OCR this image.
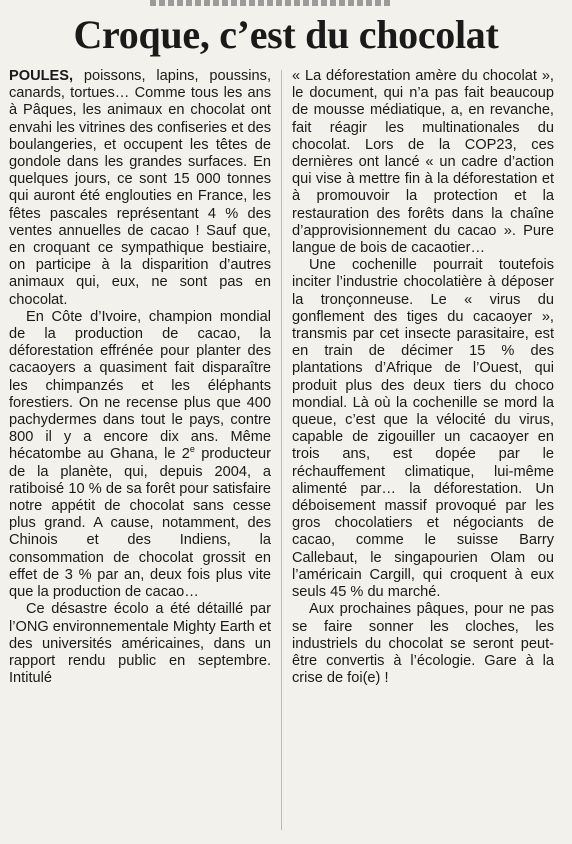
Croque, c’est du chocolat

POULES, poissons, lapins, poussins, canards, tortues… Comme tous les ans à Pâques, les animaux en chocolat ont envahi les vitrines des confiseries et des boulangeries, et occupent les têtes de gondole dans les grandes surfaces. En quelques jours, ce sont 15 000 tonnes qui auront été englouties en France, les fêtes pascales représentant 4 % des ventes annuelles de cacao ! Sauf que, en croquant ce sympathique bestiaire, on participe à la disparition d’autres animaux qui, eux, ne sont pas en chocolat.

En Côte d’Ivoire, champion mondial de la production de cacao, la déforestation effrénée pour planter des cacaoyers a quasiment fait disparaître les chimpanzés et les éléphants forestiers. On ne recense plus que 400 pachydermes dans tout le pays, contre 800 il y a encore dix ans. Même hécatombe au Ghana, le 2e producteur de la planète, qui, depuis 2004, a ratiboisé 10 % de sa forêt pour satisfaire notre appétit de chocolat sans cesse plus grand. A cause, notamment, des Chinois et des Indiens, la consommation de chocolat grossit en effet de 3 % par an, deux fois plus vite que la production de cacao…

Ce désastre écolo a été détaillé par l’ONG environnementale Mighty Earth et des universités américaines, dans un rapport rendu public en septembre. Intitulé

« La déforestation amère du chocolat », le document, qui n’a pas fait beaucoup de mousse médiatique, a, en revanche, fait réagir les multinationales du chocolat. Lors de la COP23, ces dernières ont lancé « un cadre d’action qui vise à mettre fin à la déforestation et à promouvoir la protection et la restauration des forêts dans la chaîne d’approvisionnement du cacao ». Pure langue de bois de cacaotier…

Une cochenille pourrait toutefois inciter l’industrie chocolatière à déposer la tronçonneuse. Le « virus du gonflement des tiges du cacaoyer », transmis par cet insecte parasitaire, est en train de décimer 15 % des plantations d’Afrique de l’Ouest, qui produit plus des deux tiers du choco mondial. Là où la cochenille se mord la queue, c’est que la vélocité du virus, capable de zigouiller un cacaoyer en trois ans, est dopée par le réchauffement climatique, lui-même alimenté par… la déforestation. Un déboisement massif provoqué par les gros chocolatiers et négociants de cacao, comme le suisse Barry Callebaut, le singapourien Olam ou l’américain Cargill, qui croquent à eux seuls 45 % du marché.

Aux prochaines pâques, pour ne pas se faire sonner les cloches, les industriels du chocolat se seront peut-être convertis à l’écologie. Gare à la crise de foi(e) !
